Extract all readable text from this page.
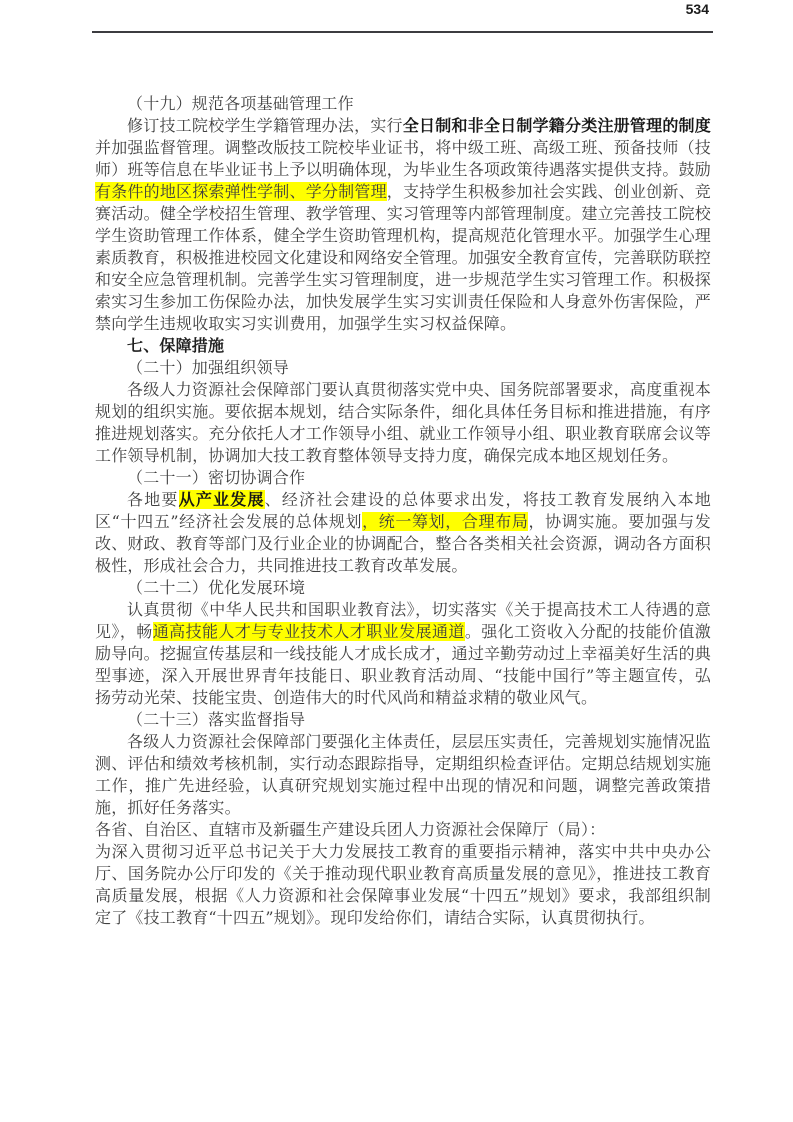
534

（十九）规范各项基础管理工作

修订技工院校学生学籍管理办法，实行全日制和非全日制学籍分类注册管理的制度并加强监督管理。调整改版技工院校毕业证书，将中级工班、高级工班、预备技师（技师）班等信息在毕业证书上予以明确体现，为毕业生各项政策待遇落实提供支持。鼓励有条件的地区探索弹性学制、学分制管理，支持学生积极参加社会实践、创业创新、竞赛活动。健全学校招生管理、教学管理、实习管理等内部管理制度。建立完善技工院校学生资助管理工作体系，健全学生资助管理机构，提高规范化管理水平。加强学生心理素质教育，积极推进校园文化建设和网络安全管理。加强安全教育宣传，完善联防联控和安全应急管理机制。完善学生实习管理制度，进一步规范学生实习管理工作。积极探索实习生参加工伤保险办法，加快发展学生实习实训责任保险和人身意外伤害保险，严禁向学生违规收取实习实训费用，加强学生实习权益保障。

七、保障措施

（二十）加强组织领导

各级人力资源社会保障部门要认真贯彻落实党中央、国务院部署要求，高度重视本规划的组织实施。要依据本规划，结合实际条件，细化具体任务目标和推进措施，有序推进规划落实。充分依托人才工作领导小组、就业工作领导小组、职业教育联席会议等工作领导机制，协调加大技工教育整体领导支持力度，确保完成本地区规划任务。

（二十一）密切协调合作

各地要从产业发展、经济社会建设的总体要求出发，将技工教育发展纳入本地区“十四五”经济社会发展的总体规划，统一筹划，合理布局，协调实施。要加强与发改、财政、教育等部门及行业企业的协调配合，整合各类相关社会资源，调动各方面积极性，形成社会合力，共同推进技工教育改革发展。

（二十二）优化发展环境

认真贯彻《中华人民共和国职业教育法》，切实落实《关于提高技术工人待遇的意见》，畅通高技能人才与专业技术人才职业发展通道。强化工资收入分配的技能价值激励导向。挖掘宣传基层和一线技能人才成长成才，通过辛勤劳动过上幸福美好生活的典型事迹，深入开展世界青年技能日、职业教育活动周、“技能中国行”等主题宣传，弘扬劳动光荣、技能宝贵、创造伟大的时代风尚和精益求精的敬业风气。

（二十三）落实监督指导

各级人力资源社会保障部门要强化主体责任，层层压实责任，完善规划实施情况监测、评估和绩效考核机制，实行动态跟踪指导，定期组织检查评估。定期总结规划实施工作，推广先进经验，认真研究规划实施过程中出现的情况和问题，调整完善政策措施，抓好任务落实。

各省、自治区、直辖市及新疆生产建设兵团人力资源社会保障厅（局）：

为深入贯彻习近平总书记关于大力发展技工教育的重要指示精神，落实中共中央办公厅、国务院办公厅印发的《关于推动现代职业教育高质量发展的意见》，推进技工教育高质量发展，根据《人力资源和社会保障事业发展“十四五”规划》要求，我部组织制定了《技工教育“十四五”规划》。现印发给你们，请结合实际，认真贯彻执行。
